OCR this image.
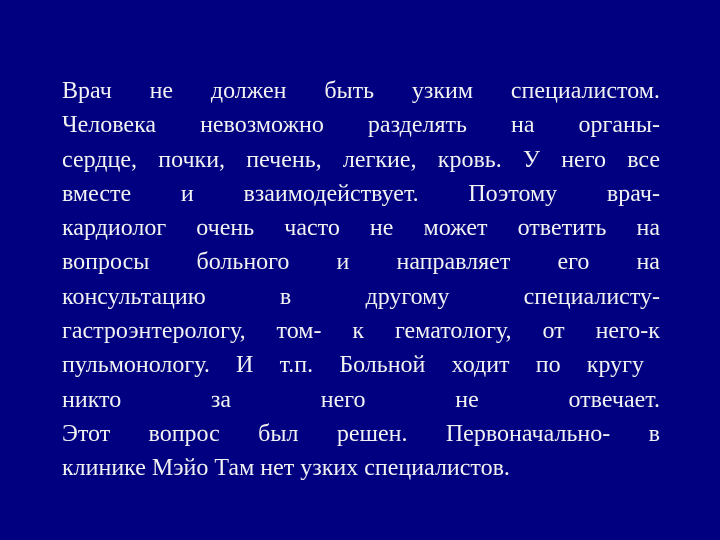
Врач не должен быть узким специалистом.
Человека невозможно разделять на органы-
сердце, почки, печень, легкие, кровь. У него все
вместе и взаимодействует. Поэтому врач-
кардиолог очень часто не может ответить на
вопросы больного и направляет его на
консультацию	в	другому	специалисту-
гастроэнтерологу, том- к гематологу, от него-к
пульмонологу. И т.п. Больной ходит по кругу
никто	за	него	не	отвечает.
Этот вопрос был решен. Первоначально- в
клинике Мэйо Там нет узких специалистов.
